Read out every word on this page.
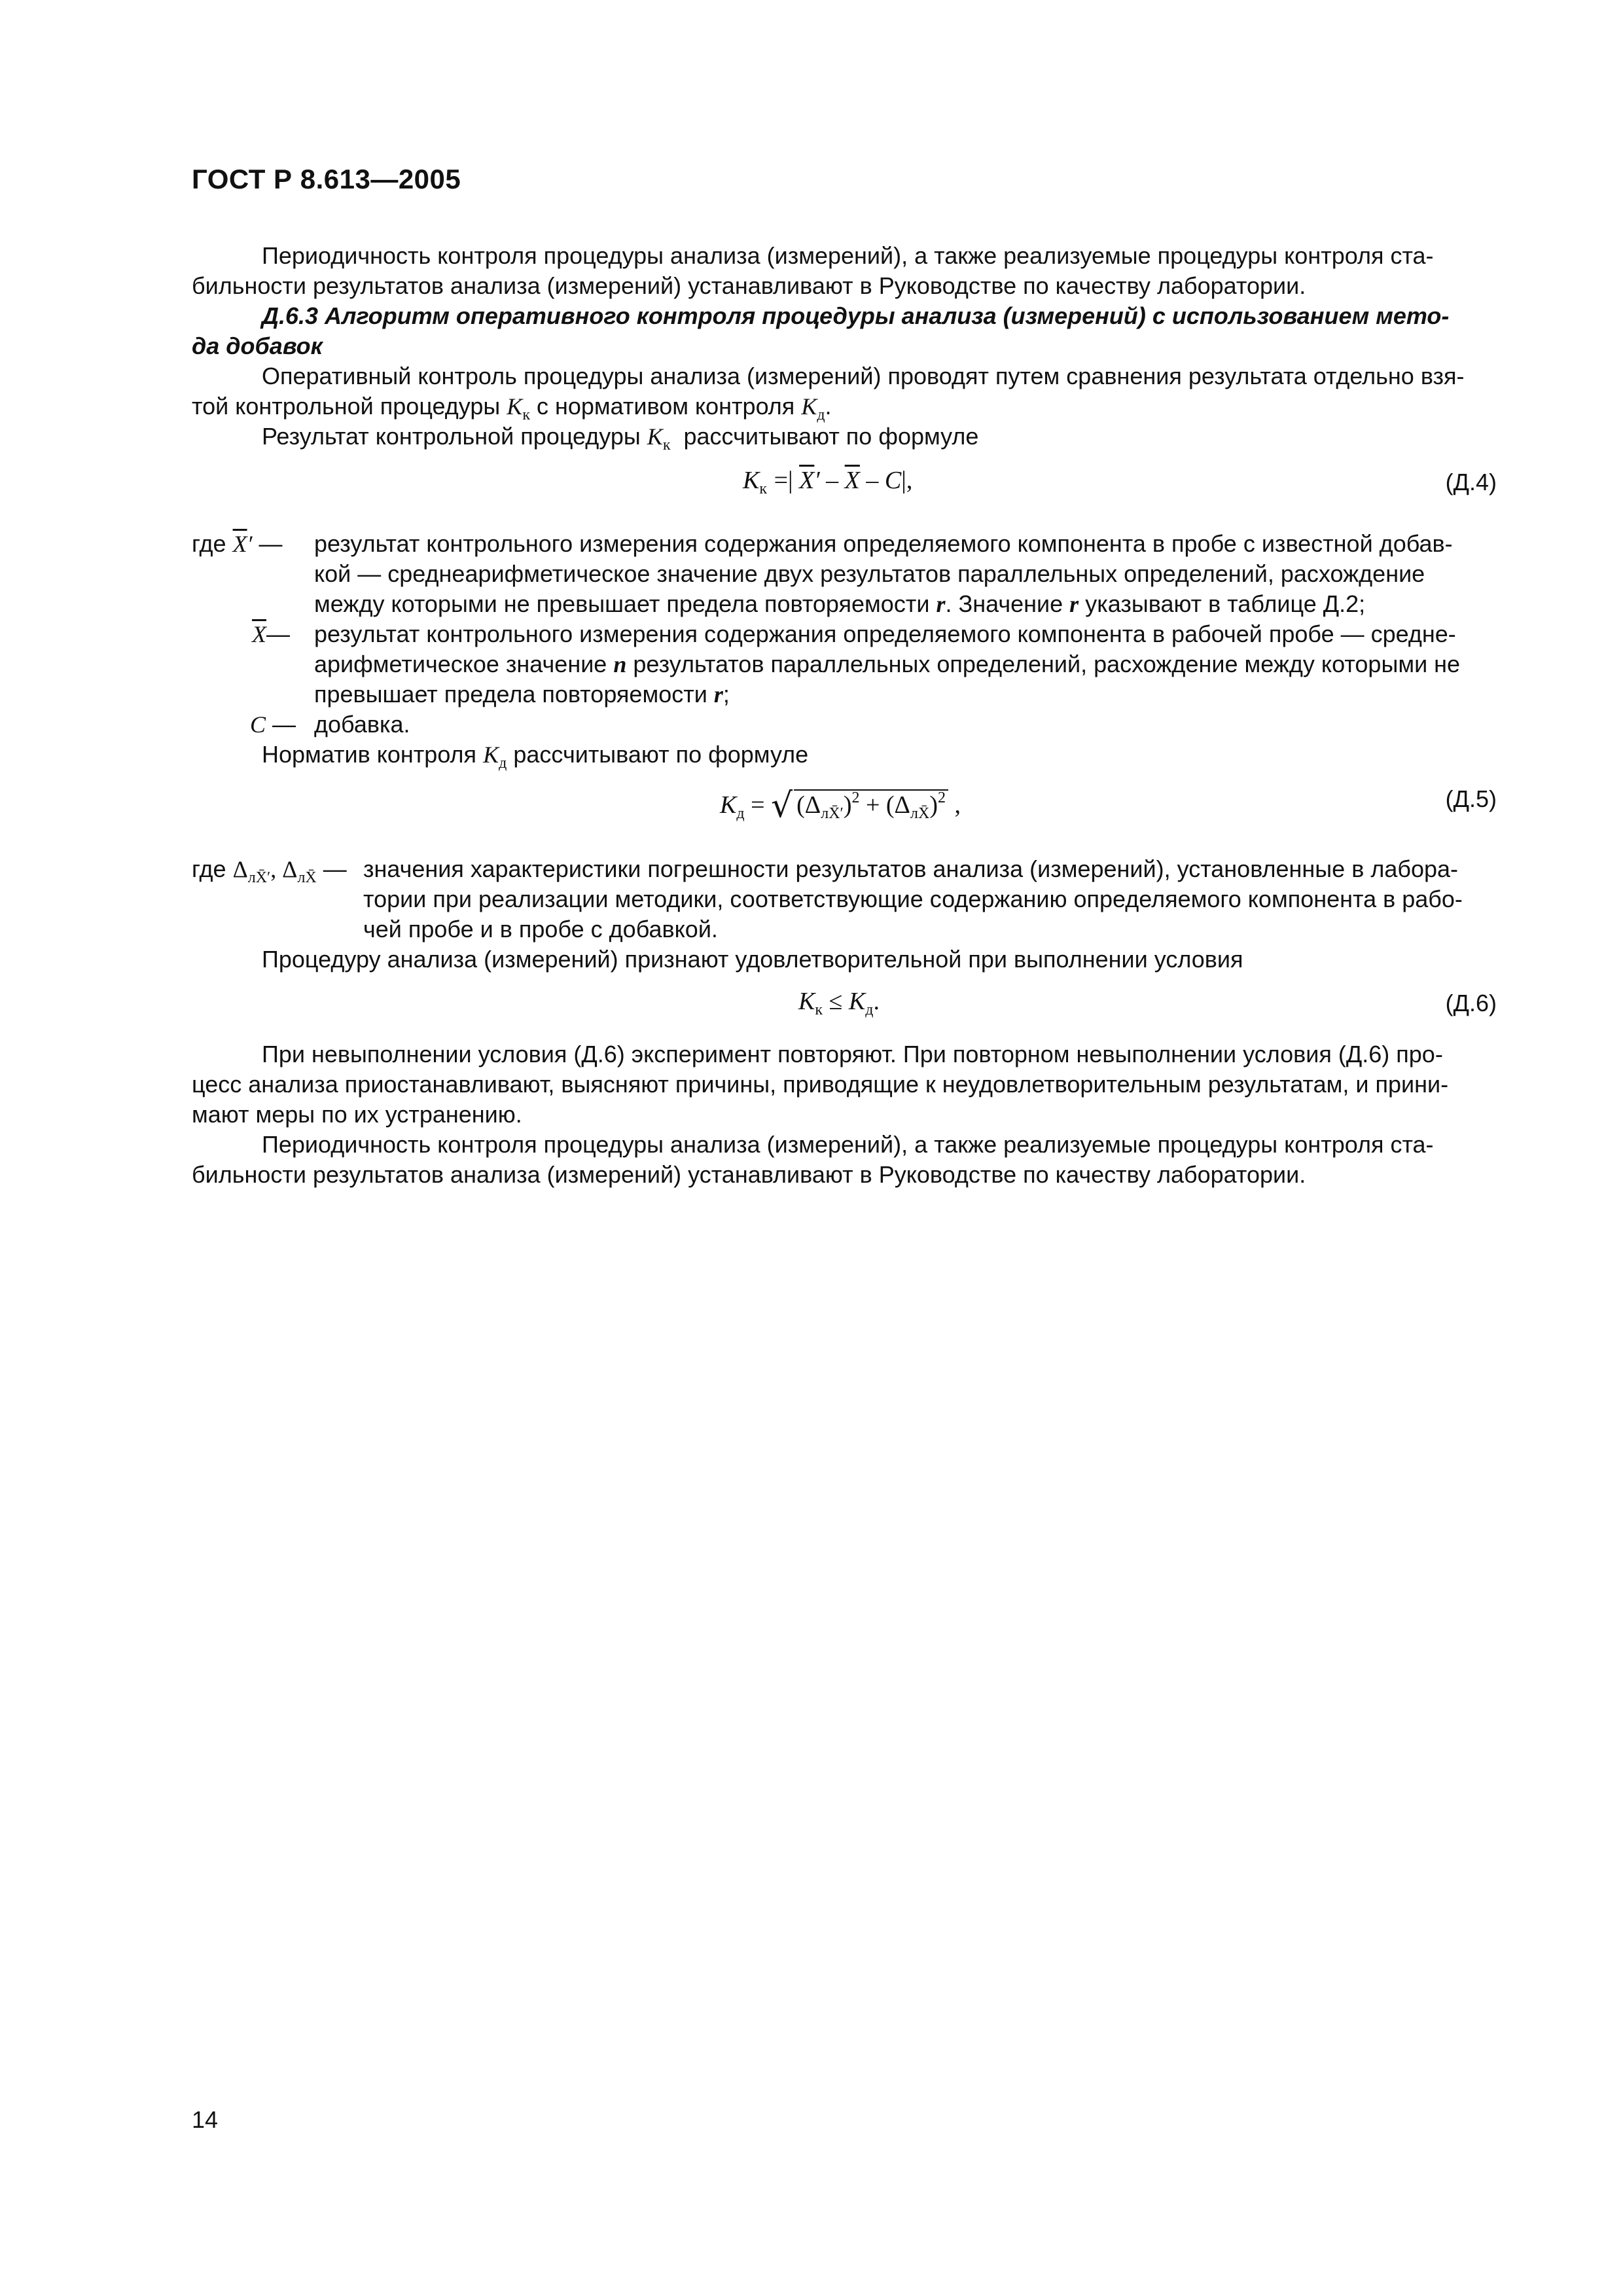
ГОСТ Р 8.613—2005
Периодичность контроля процедуры анализа (измерений), а также реализуемые процедуры контроля ста-
бильности результатов анализа (измерений) устанавливают в Руководстве по качеству лаборатории.
Д.6.3 Алгоритм оперативного контроля процедуры анализа (измерений) с использованием мето-
да добавок
Оперативный контроль процедуры анализа (измерений) проводят путем сравнения результата отдельно взя-
той контрольной процедуры $K_к$ с нормативом контроля $K_д$.
Результат контрольной процедуры $K_к$ рассчитывают по формуле
$K_к$ =| $\overline{X}' - \overline{X} - C|$,	(Д.4)
где $\overline{X}'$ — результат контрольного измерения содержания определяемого компонента в пробе с известной добав-
кой — среднеарифметическое значение двух результатов параллельных определений, расхождение
между которыми не превышает предела повторяемости r. Значение r указывают в таблице Д.2;
$\overline{X}—$ результат контрольного измерения содержания определяемого компонента в рабочей пробе — средне-
арифметическое значение n результатов параллельных определений, расхождение между которыми не
превышает предела повторяемости r;
C — добавка.
Норматив контроля $K_д$ рассчитывают по формуле
$K_д$ = √ $(\Delta_{лX̄'})^2 + (\Delta_{лX̄})^2$ ,	(Д.5)
где $\Delta_{лX̄'}$, $\Delta_{лX̄}$ — значения характеристики погрешности результатов анализа (измерений), установленные в лабора-
тории при реализации методики, соответствующие содержанию определяемого компонента в рабо-
чей пробе и в пробе с добавкой.
Процедуру анализа (измерений) признают удовлетворительной при выполнении условия
$K_к \le K_д$.	(Д.6)
При невыполнении условия (Д.6) эксперимент повторяют. При повторном невыполнении условия (Д.6) про-
цесс анализа приостанавливают, выясняют причины, приводящие к неудовлетворительным результатам, и прини-
мают меры по их устранению.
Периодичность контроля процедуры анализа (измерений), а также реализуемые процедуры контроля ста-
бильности результатов анализа (измерений) устанавливают в Руководстве по качеству лаборатории.
14
